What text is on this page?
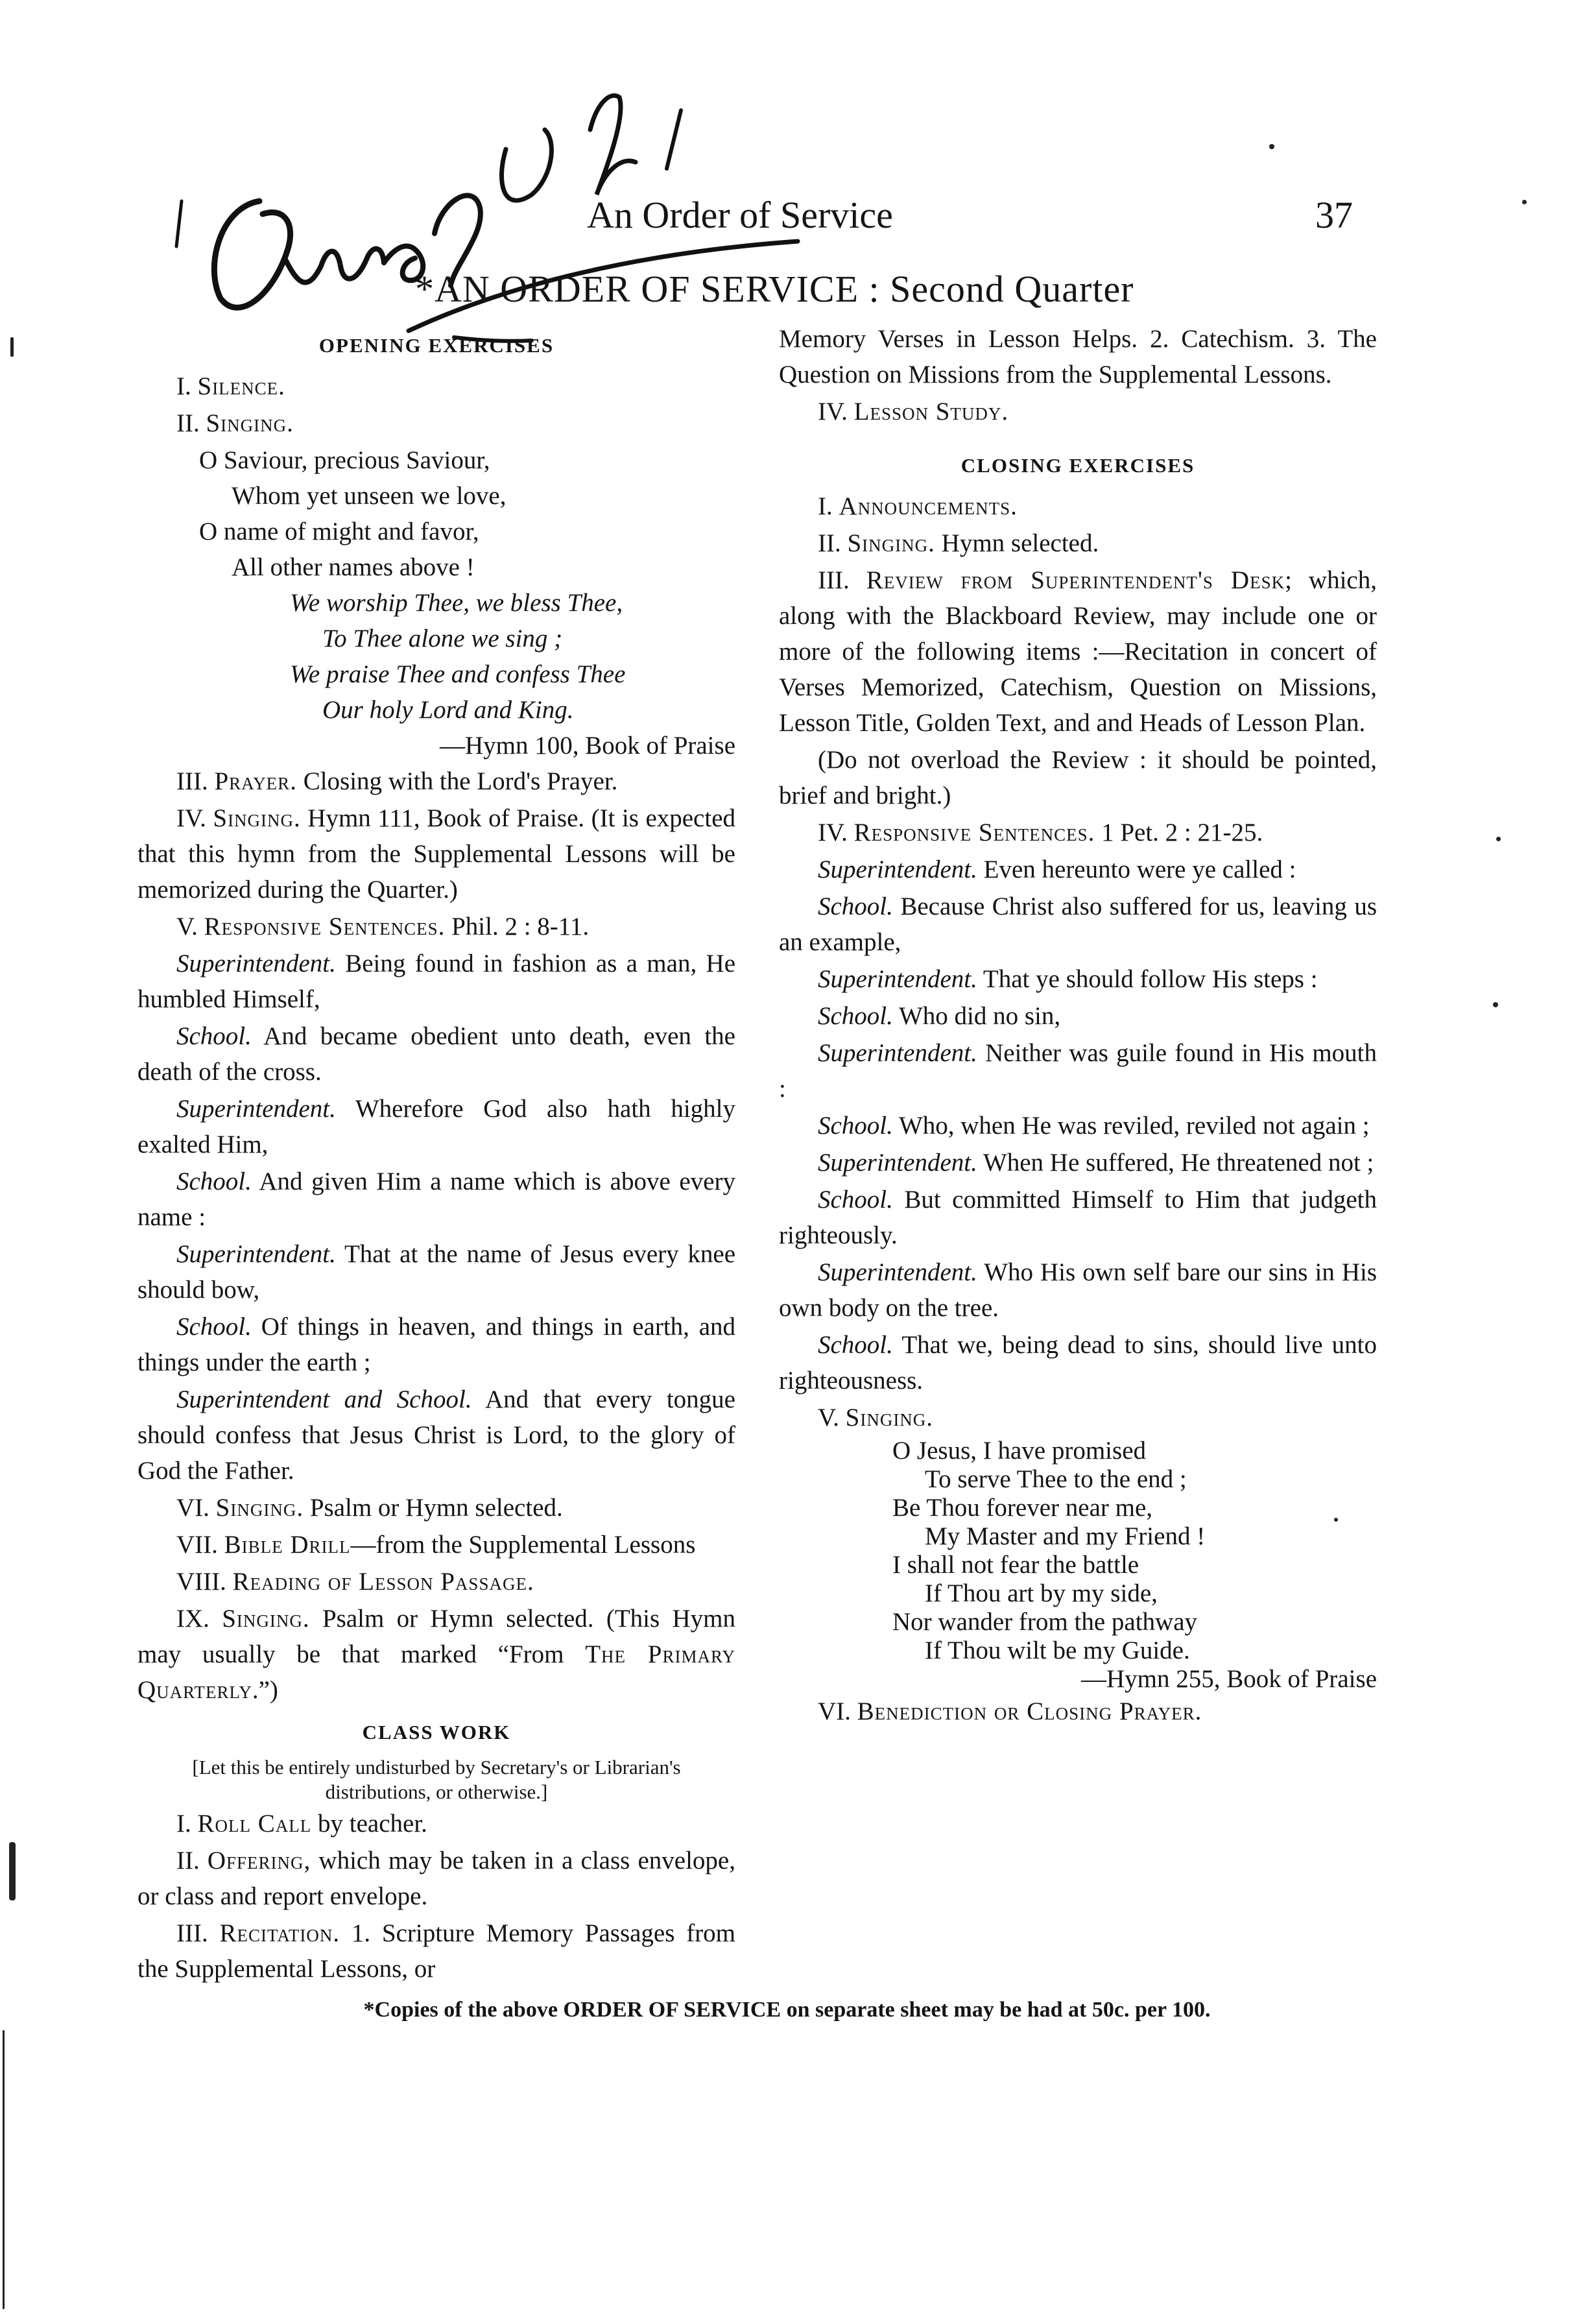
An Order of Service	37
*AN ORDER OF SERVICE : Second Quarter
OPENING EXERCISES

I. Silence.

II. Singing.

O Saviour, precious Saviour,
Whom yet unseen we love,
O name of might and favor,
All other names above !
We worship Thee, we bless Thee,
To Thee alone we sing ;
We praise Thee and confess Thee
Our holy Lord and King.
—Hymn 100, Book of Praise

III. Prayer. Closing with the Lord's Prayer.

IV. Singing. Hymn 111, Book of Praise. (It is expected that this hymn from the Supplemental Lessons will be memorized during the Quarter.)

V. Responsive Sentences. Phil. 2 : 8-11.

Superintendent. Being found in fashion as a man, He humbled Himself,

School. And became obedient unto death, even the death of the cross.

Superintendent. Wherefore God also hath highly exalted Him,

School. And given Him a name which is above every name :

Superintendent. That at the name of Jesus every knee should bow,

School. Of things in heaven, and things in earth, and things under the earth ;

Superintendent and School. And that every tongue should confess that Jesus Christ is Lord, to the glory of God the Father.

VI. Singing. Psalm or Hymn selected.

VII. Bible Drill—from the Supplemental Lessons

VIII. Reading of Lesson Passage.

IX. Singing. Psalm or Hymn selected. (This Hymn may usually be that marked “From The Primary Quarterly.”)

CLASS WORK

[Let this be entirely undisturbed by Secretary's or Librarian's distributions, or otherwise.]

I. Roll Call by teacher.

II. Offering, which may be taken in a class envelope, or class and report envelope.

III. Recitation. 1. Scripture Memory Passages from the Supplemental Lessons, or

Memory Verses in Lesson Helps. 2. Catechism. 3. The Question on Missions from the Supplemental Lessons.

IV. Lesson Study.

CLOSING EXERCISES

I. Announcements.

II. Singing. Hymn selected.

III. Review from Superintendent's Desk; which, along with the Blackboard Review, may include one or more of the following items :—Recitation in concert of Verses Memorized, Catechism, Question on Missions, Lesson Title, Golden Text, and and Heads of Lesson Plan.

(Do not overload the Review : it should be pointed, brief and bright.)

IV. Responsive Sentences. 1 Pet. 2 : 21-25.

Superintendent. Even hereunto were ye called :

School. Because Christ also suffered for us, leaving us an example,

Superintendent. That ye should follow His steps :

School. Who did no sin,

Superintendent. Neither was guile found in His mouth :

School. Who, when He was reviled, reviled not again ;

Superintendent. When He suffered, He threatened not ;

School. But committed Himself to Him that judgeth righteously.

Superintendent. Who His own self bare our sins in His own body on the tree.

School. That we, being dead to sins, should live unto righteousness.

V. Singing.

O Jesus, I have promised
To serve Thee to the end ;
Be Thou forever near me,
My Master and my Friend !
I shall not fear the battle
If Thou art by my side,
Nor wander from the pathway
If Thou wilt be my Guide.
—Hymn 255, Book of Praise

VI. Benediction or Closing Prayer.

*Copies of the above ORDER OF SERVICE on separate sheet may be had at 50c. per 100.
